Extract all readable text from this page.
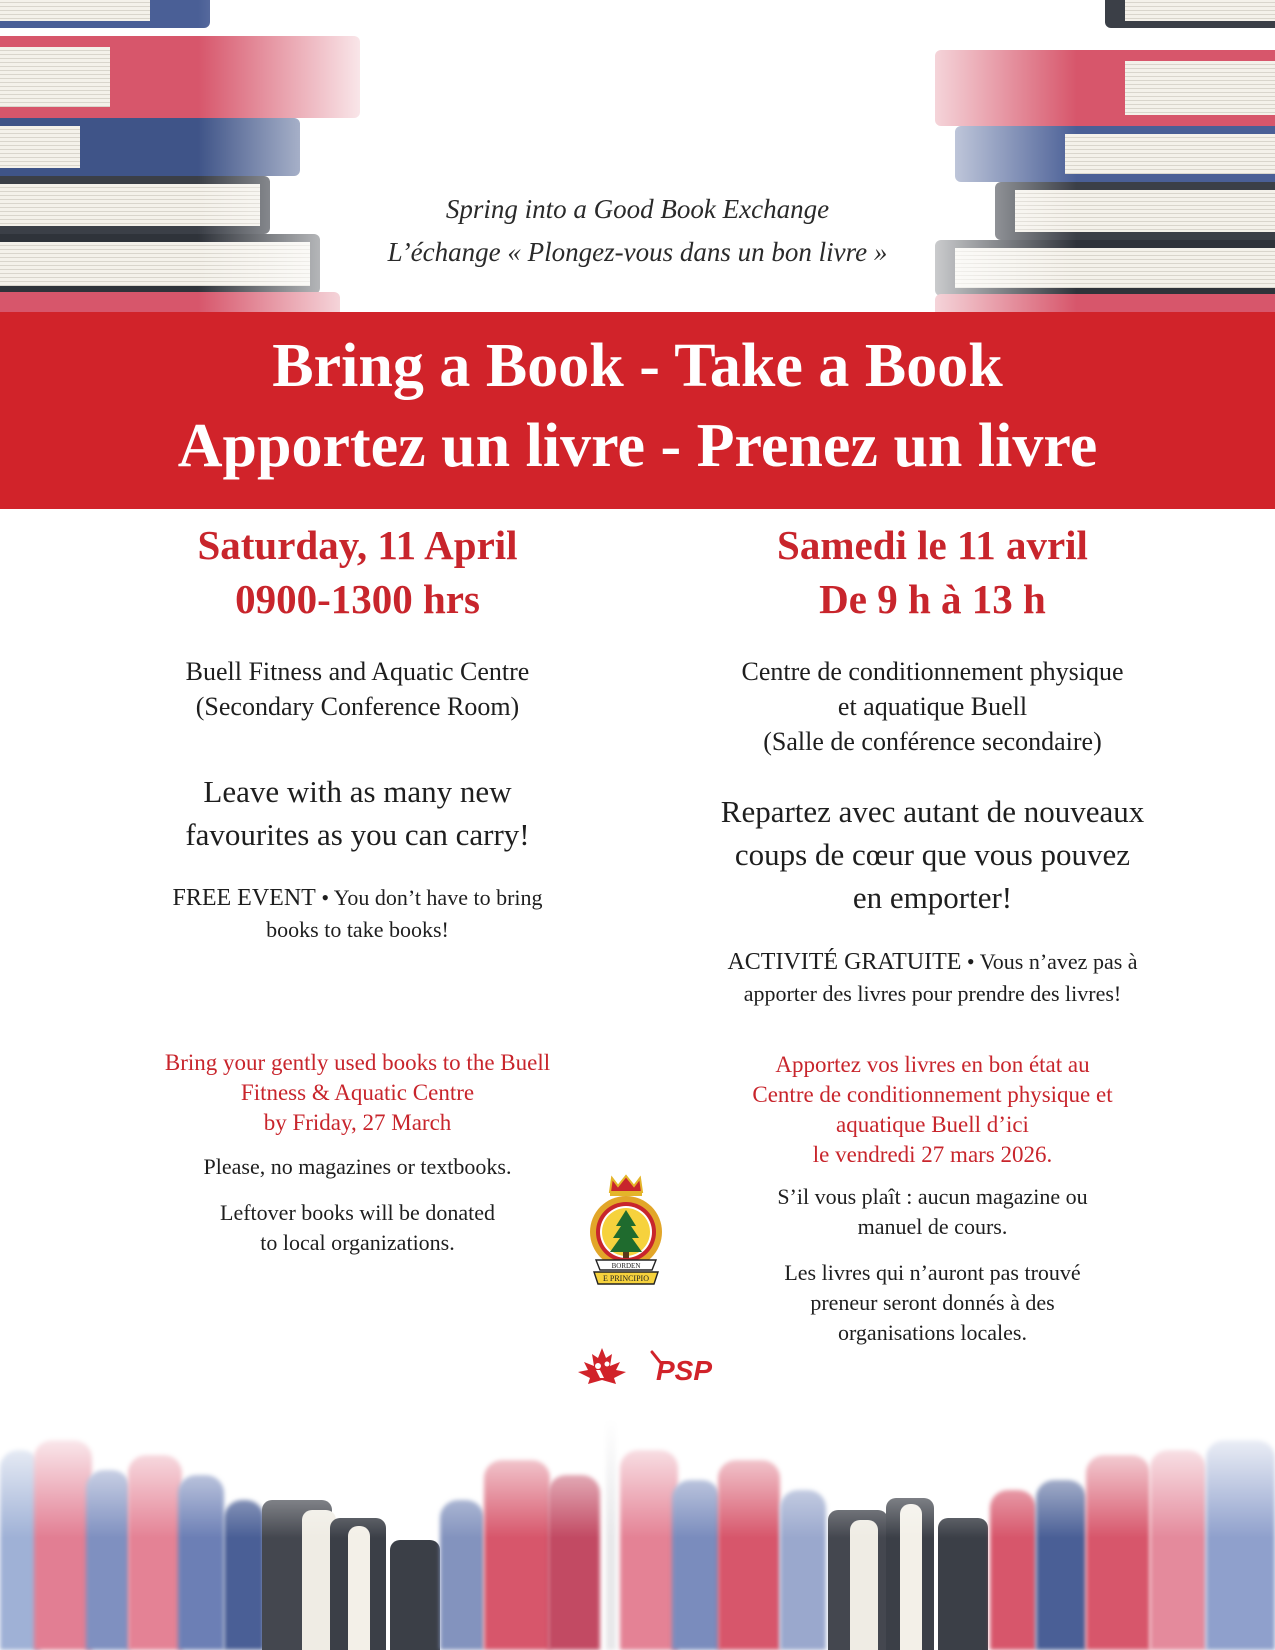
Spring into a Good Book Exchange
L’échange « Plongez-vous dans un bon livre »
Bring a Book - Take a Book
Apportez un livre - Prenez un livre
Saturday, 11 April
0900-1300 hrs
Buell Fitness and Aquatic Centre
(Secondary Conference Room)
Leave with as many new
favourites as you can carry!
FREE EVENT • You don’t have to bring
books to take books!
Bring your gently used books to the Buell
Fitness & Aquatic Centre
by Friday, 27 March
Please, no magazines or textbooks.
Leftover books will be donated
to local organizations.
Samedi le 11 avril
De 9 h à 13 h
Centre de conditionnement physique
et aquatique Buell
(Salle de conférence secondaire)
Repartez avec autant de nouveaux
coups de cœur que vous pouvez
en emporter!
ACTIVITÉ GRATUITE • Vous n’avez pas à
apporter des livres pour prendre des livres!
Apportez vos livres en bon état au
Centre de conditionnement physique et
aquatique Buell d’ici
le vendredi 27 mars 2026.
S’il vous plaît : aucun magazine ou
manuel de cours.
Les livres qui n’auront pas trouvé
preneur seront donnés à des
organisations locales.
BORDEN
E PRINCIPIO
PSP
